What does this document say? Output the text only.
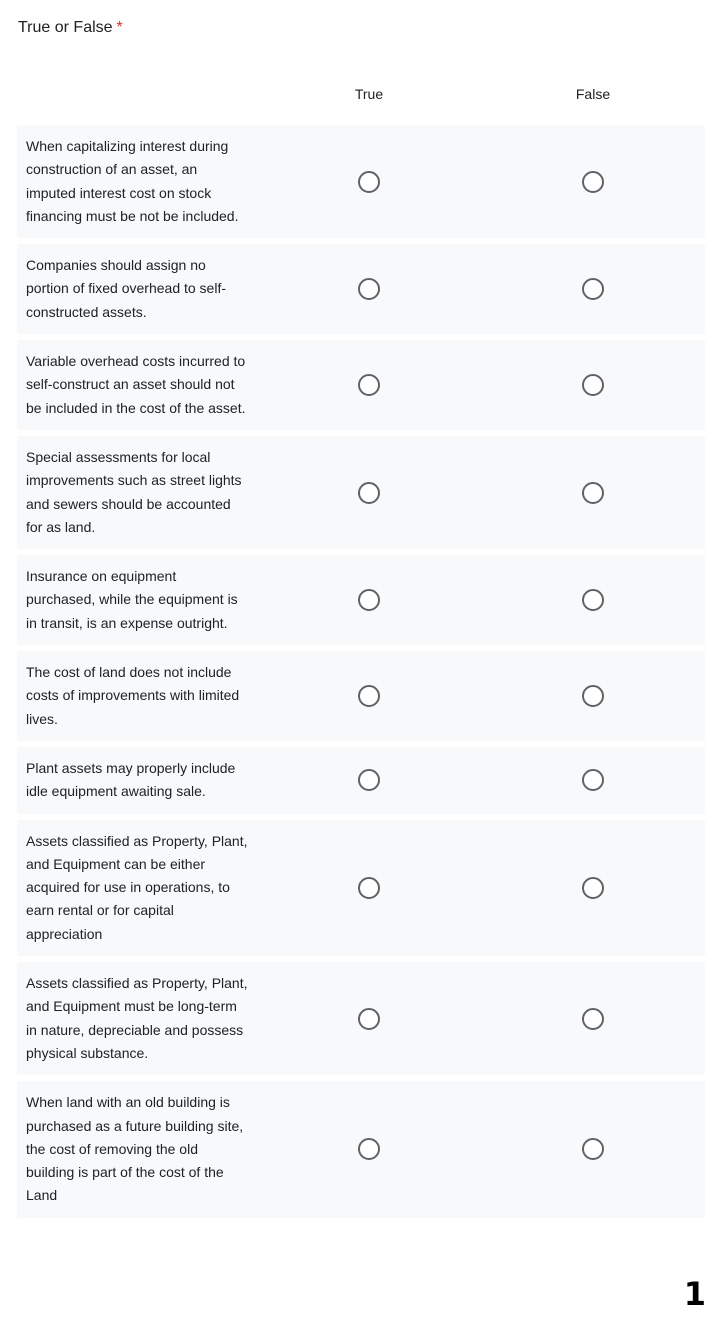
True or False *
True	False
When capitalizing interest during construction of an asset, an imputed interest cost on stock financing must be not be included.
Companies should assign no portion of fixed overhead to self-constructed assets.
Variable overhead costs incurred to self-construct an asset should not be included in the cost of the asset.
Special assessments for local improvements such as street lights and sewers should be accounted for as land.
Insurance on equipment purchased, while the equipment is in transit, is an expense outright.
The cost of land does not include costs of improvements with limited lives.
Plant assets may properly include idle equipment awaiting sale.
Assets classified as Property, Plant, and Equipment can be either acquired for use in operations, to earn rental or for capital appreciation
Assets classified as Property, Plant, and Equipment must be long-term in nature, depreciable and possess physical substance.
When land with an old building is purchased as a future building site, the cost of removing the old building is part of the cost of the Land
1
